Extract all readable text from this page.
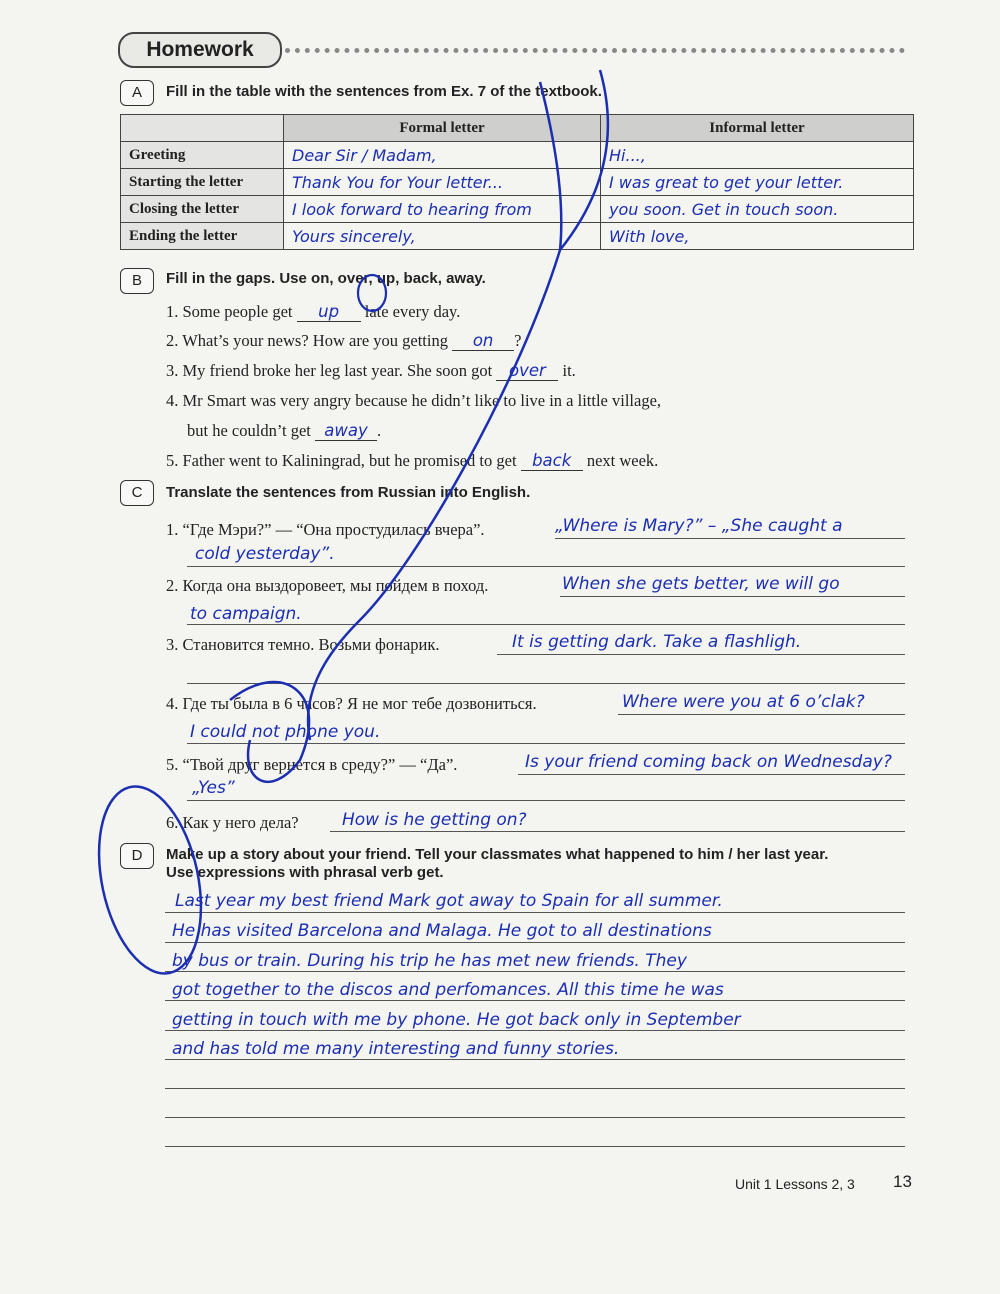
Homework
A	Fill in the table with the sentences from Ex. 7 of the textbook.
	Formal letter	Informal letter
Greeting	Dear Sir / Madam,	Hi...,
Starting the letter	Thank You for Your letter...	I was great to get your letter.
Closing the letter	I look forward to hearing from	you soon. Get in touch soon.
Ending the letter	Yours sincerely,	With love,
B	Fill in the gaps. Use on, over, up, back, away.
1. Some people get up late every day.
2. What’s your news? How are you getting on ?
3. My friend broke her leg last year. She soon got over it.
4. Mr Smart was very angry because he didn’t like to live in a little village,
but he couldn’t get away .
5. Father went to Kaliningrad, but he promised to get back next week.
C	Translate the sentences from Russian into English.
1. “Где Мэри?” — “Она простудилась вчера”.	„Where is Mary?” – „She caught a
cold yesterday”.
2. Когда она выздоровеет, мы пойдем в поход.	When she gets better, we will go
to campaign.
3. Становится темно. Возьми фонарик.	It is getting dark. Take a flashligh.
4. Где ты была в 6 часов? Я не мог тебе дозвониться.	Where were you at 6 o’clak?
I could not phone you.
5. “Твой друг вернется в среду?” — “Да”.	Is your friend coming back on Wednesday?
„Yes”
6. Как у него дела?	How is he getting on?
D	Make up a story about your friend. Tell your classmates what happened to him / her last year.
Use expressions with phrasal verb get.
Last year my best friend Mark got away to Spain for all summer.
He has visited Barcelona and Malaga. He got to all destinations
by bus or train. During his trip he has met new friends. They
got together to the discos and perfomances. All this time he was
getting in touch with me by phone. He got back only in September
and has told me many interesting and funny stories.
Unit 1 Lessons 2, 3 13
